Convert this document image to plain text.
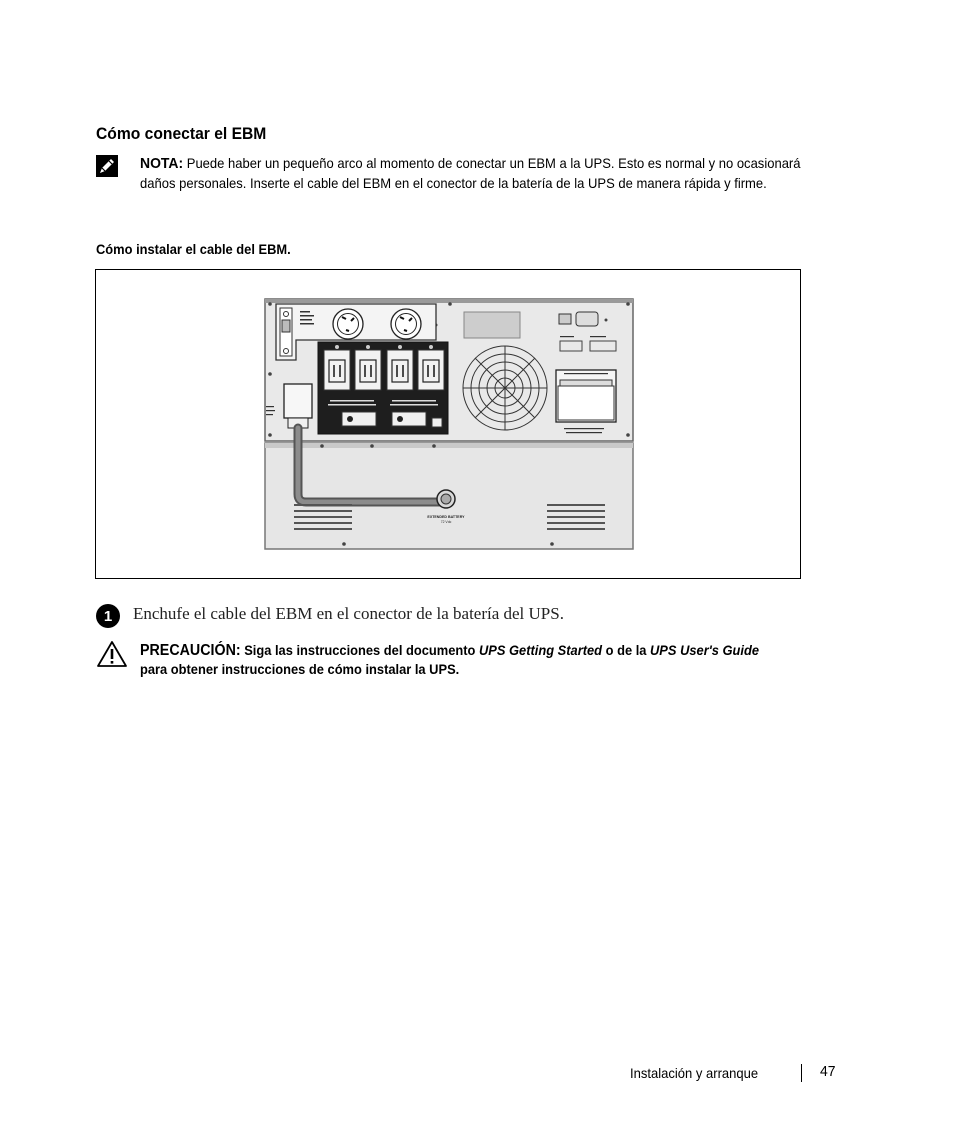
Cómo conectar el EBM
NOTA: Puede haber un pequeño arco al momento de conectar un EBM a la UPS. Esto es normal y no ocasionará daños personales. Inserte el cable del EBM en el conector de la batería de la UPS de manera rápida y firme.
Cómo instalar el cable del EBM.
EXTENDED BATTERY
72 Vdc
1	Enchufe el cable del EBM en el conector de la batería del UPS.
PRECAUCIÓN: Siga las instrucciones del documento UPS Getting Started o de la UPS User's Guide para obtener instrucciones de cómo instalar la UPS.
Instalación y arranque	47
